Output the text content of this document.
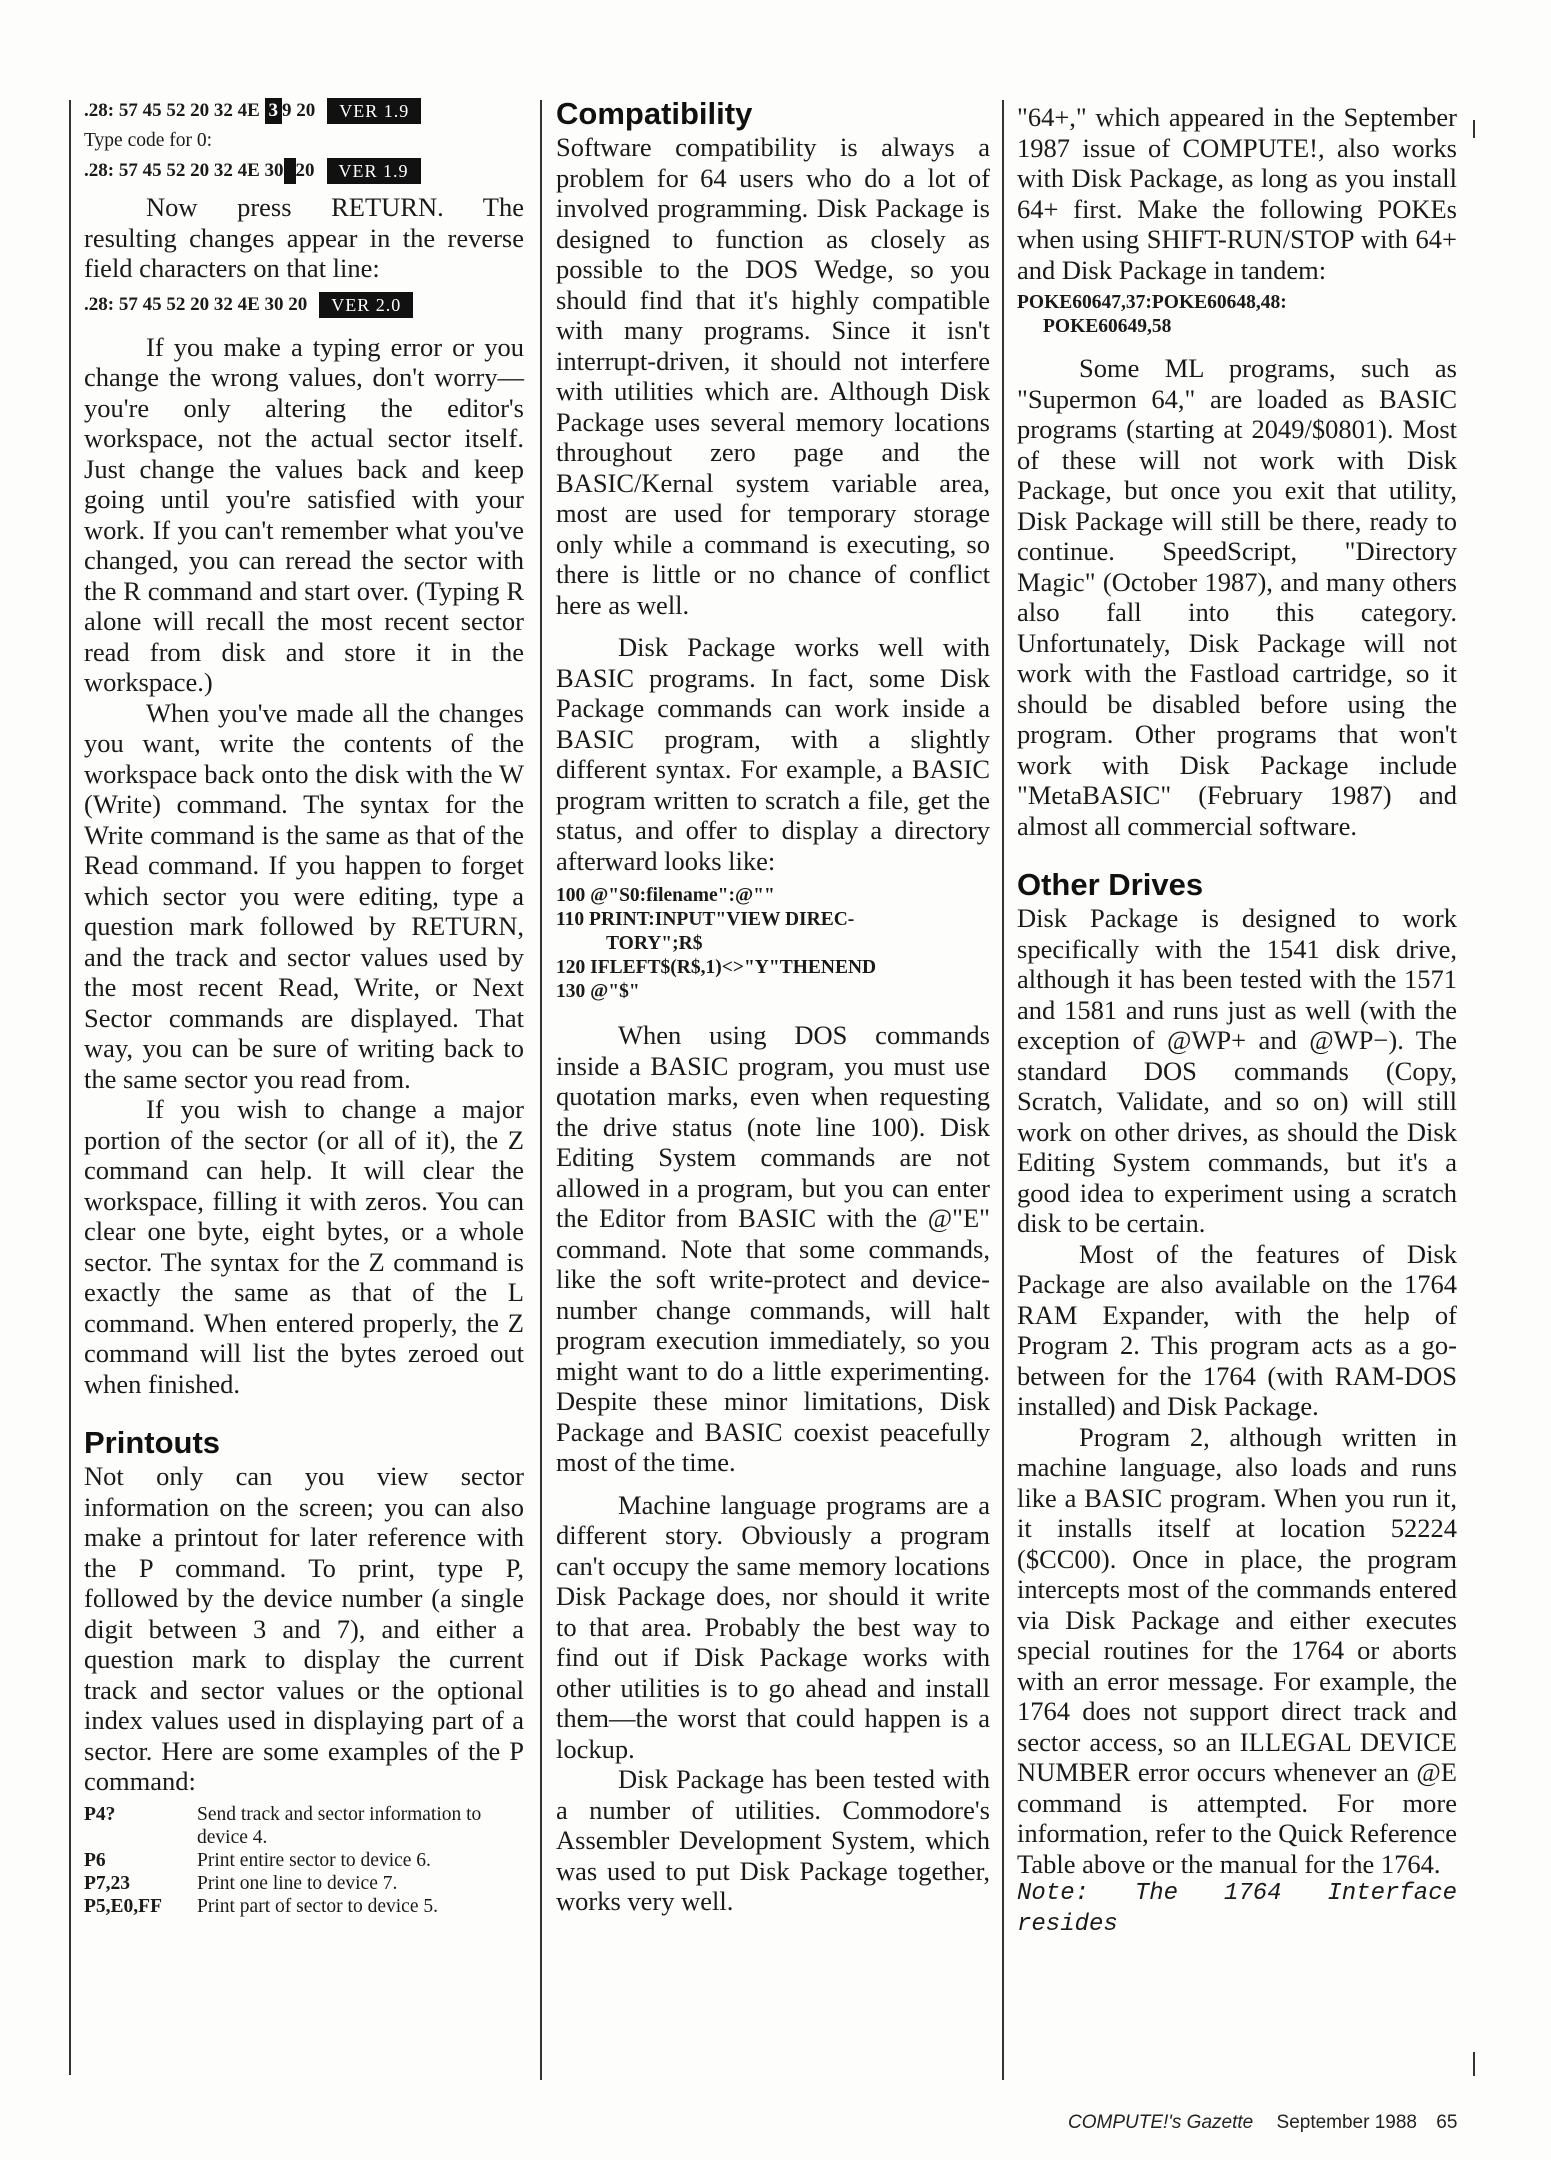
.28: 57 45 52 20 32 4E 3 9 20	VER 1.9
Type code for 0:
.28: 57 45 52 20 32 4E 30 20	VER 1.9

Now press RETURN. The resulting changes appear in the reverse field characters on that line:

.28: 57 45 52 20 32 4E 30 20	VER 2.0

If you make a typing error or you change the wrong values, don't worry—you're only altering the editor's workspace, not the actual sector itself. Just change the values back and keep going until you're satisfied with your work. If you can't remember what you've changed, you can reread the sector with the R command and start over. (Typing R alone will recall the most recent sector read from disk and store it in the workspace.)

When you've made all the changes you want, write the contents of the workspace back onto the disk with the W (Write) command. The syntax for the Write command is the same as that of the Read command. If you happen to forget which sector you were editing, type a question mark followed by RETURN, and the track and sector values used by the most recent Read, Write, or Next Sector commands are displayed. That way, you can be sure of writing back to the same sector you read from.

If you wish to change a major portion of the sector (or all of it), the Z command can help. It will clear the workspace, filling it with zeros. You can clear one byte, eight bytes, or a whole sector. The syntax for the Z command is exactly the same as that of the L command. When entered properly, the Z command will list the bytes zeroed out when finished.

Printouts

Not only can you view sector information on the screen; you can also make a printout for later reference with the P command. To print, type P, followed by the device number (a single digit between 3 and 7), and either a question mark to display the current track and sector values or the optional index values used in displaying part of a sector. Here are some examples of the P command:

P4?	Send track and sector information to device 4.
P6	Print entire sector to device 6.
P7,23	Print one line to device 7.
P5,E0,FF	Print part of sector to device 5.
Compatibility

Software compatibility is always a problem for 64 users who do a lot of involved programming. Disk Package is designed to function as closely as possible to the DOS Wedge, so you should find that it's highly compatible with many programs. Since it isn't interrupt-driven, it should not interfere with utilities which are. Although Disk Package uses several memory locations throughout zero page and the BASIC/Kernal system variable area, most are used for temporary storage only while a command is executing, so there is little or no chance of conflict here as well.

Disk Package works well with BASIC programs. In fact, some Disk Package commands can work inside a BASIC program, with a slightly different syntax. For example, a BASIC program written to scratch a file, get the status, and offer to display a directory afterward looks like:

100 @"S0:filename":@""
110 PRINT:INPUT"VIEW DIREC-
TORY";R$
120 IFLEFT$(R$,1)<>"Y"THENEND
130 @"$"

When using DOS commands inside a BASIC program, you must use quotation marks, even when requesting the drive status (note line 100). Disk Editing System commands are not allowed in a program, but you can enter the Editor from BASIC with the @"E" command. Note that some commands, like the soft write-protect and device-number change commands, will halt program execution immediately, so you might want to do a little experimenting. Despite these minor limitations, Disk Package and BASIC coexist peacefully most of the time.

Machine language programs are a different story. Obviously a program can't occupy the same memory locations Disk Package does, nor should it write to that area. Probably the best way to find out if Disk Package works with other utilities is to go ahead and install them—the worst that could happen is a lockup.

Disk Package has been tested with a number of utilities. Commodore's Assembler Development System, which was used to put Disk Package together, works very well.

"64+," which appeared in the September 1987 issue of COMPUTE!, also works with Disk Package, as long as you install 64+ first. Make the following POKEs when using SHIFT-RUN/STOP with 64+ and Disk Package in tandem:

POKE60647,37:POKE60648,48:
POKE60649,58

Some ML programs, such as "Supermon 64," are loaded as BASIC programs (starting at 2049/$0801). Most of these will not work with Disk Package, but once you exit that utility, Disk Package will still be there, ready to continue. SpeedScript, "Directory Magic" (October 1987), and many others also fall into this category. Unfortunately, Disk Package will not work with the Fastload cartridge, so it should be disabled before using the program. Other programs that won't work with Disk Package include "MetaBASIC" (February 1987) and almost all commercial software.

Other Drives

Disk Package is designed to work specifically with the 1541 disk drive, although it has been tested with the 1571 and 1581 and runs just as well (with the exception of @WP+ and @WP−). The standard DOS commands (Copy, Scratch, Validate, and so on) will still work on other drives, as should the Disk Editing System commands, but it's a good idea to experiment using a scratch disk to be certain.

Most of the features of Disk Package are also available on the 1764 RAM Expander, with the help of Program 2. This program acts as a go-between for the 1764 (with RAM-DOS installed) and Disk Package.

Program 2, although written in machine language, also loads and runs like a BASIC program. When you run it, it installs itself at location 52224 ($CC00). Once in place, the program intercepts most of the commands entered via Disk Package and either executes special routines for the 1764 or aborts with an error message. For example, the 1764 does not support direct track and sector access, so an ILLEGAL DEVICE NUMBER error occurs whenever an @E command is attempted. For more information, refer to the Quick Reference Table above or the manual for the 1764.

Note: The 1764 Interface resides

COMPUTE!'s Gazette September 1988 65
